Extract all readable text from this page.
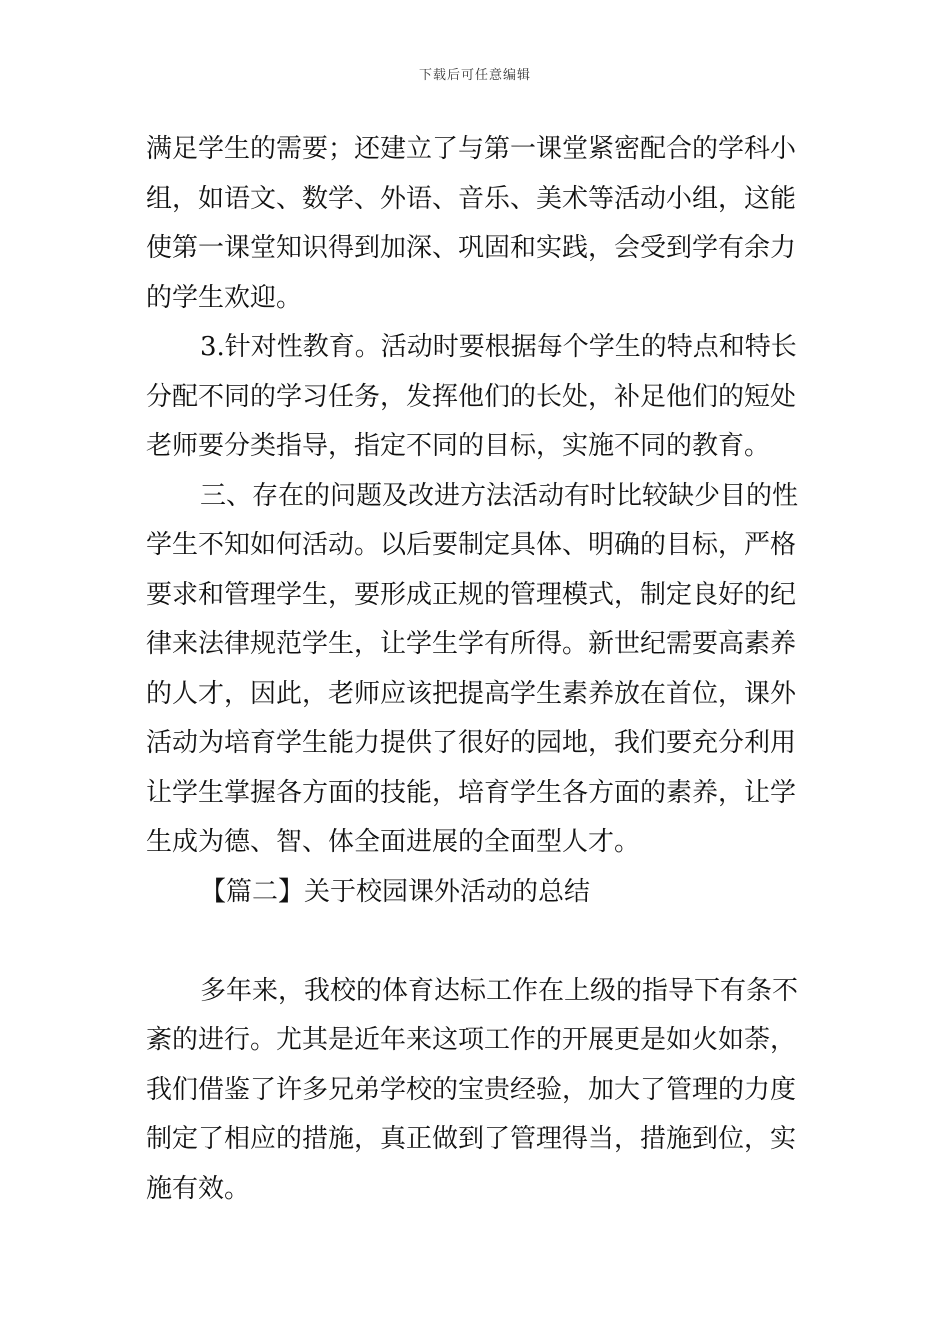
下载后可任意编辑
满足学生的需要；还建立了与第一课堂紧密配合的学科小
组，如语文、数学、外语、音乐、美术等活动小组，这能
使第一课堂知识得到加深、巩固和实践，会受到学有余力
的学生欢迎。
3.针对性教育。活动时要根据每个学生的特点和特长
分配不同的学习任务，发挥他们的长处，补足他们的短处
老师要分类指导，指定不同的目标，实施不同的教育。
三、存在的问题及改进方法活动有时比较缺少目的性
学生不知如何活动。以后要制定具体、明确的目标，严格
要求和管理学生，要形成正规的管理模式，制定良好的纪
律来法律规范学生，让学生学有所得。新世纪需要高素养
的人才，因此，老师应该把提高学生素养放在首位，课外
活动为培育学生能力提供了很好的园地，我们要充分利用
让学生掌握各方面的技能，培育学生各方面的素养，让学
生成为德、智、体全面进展的全面型人才。
【篇二】关于校园课外活动的总结
多年来，我校的体育达标工作在上级的指导下有条不
紊的进行。尤其是近年来这项工作的开展更是如火如荼，
我们借鉴了许多兄弟学校的宝贵经验，加大了管理的力度
制定了相应的措施，真正做到了管理得当，措施到位，实
施有效。
